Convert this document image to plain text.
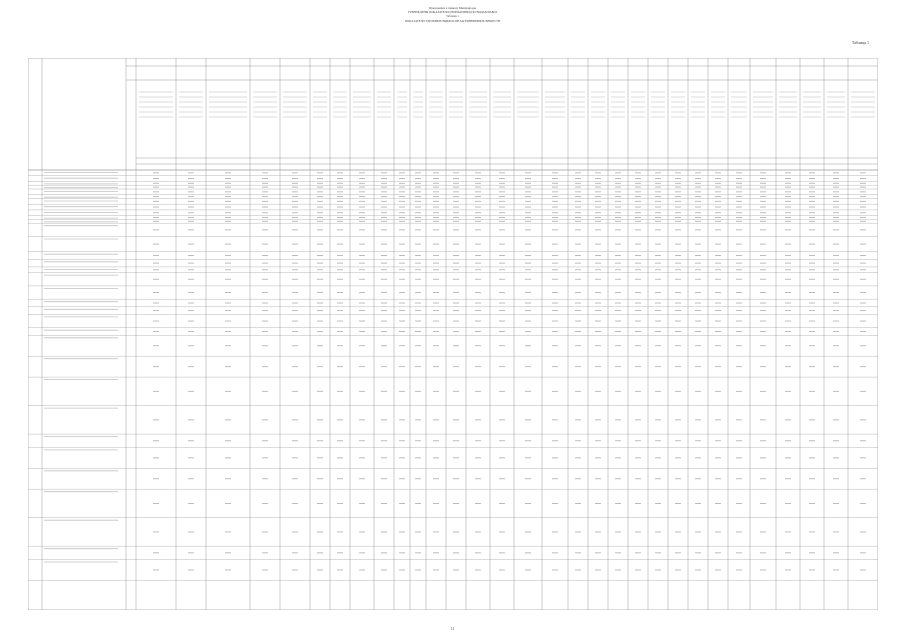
Приложение к приказу Минприроды
УТВЕРЖДЕНЫ ПОКАЗАТЕЛИ (НОРМАТИВЫ) ПО ВИДАМ РАБОТ
Таблица 1
ПОКАЗАТЕЛИ УДЕЛЬНЫХ ВЫБРОСОВ ЗАГРЯЗНЯЮЩИХ ВЕЩЕСТВ
Таблица 1
11
